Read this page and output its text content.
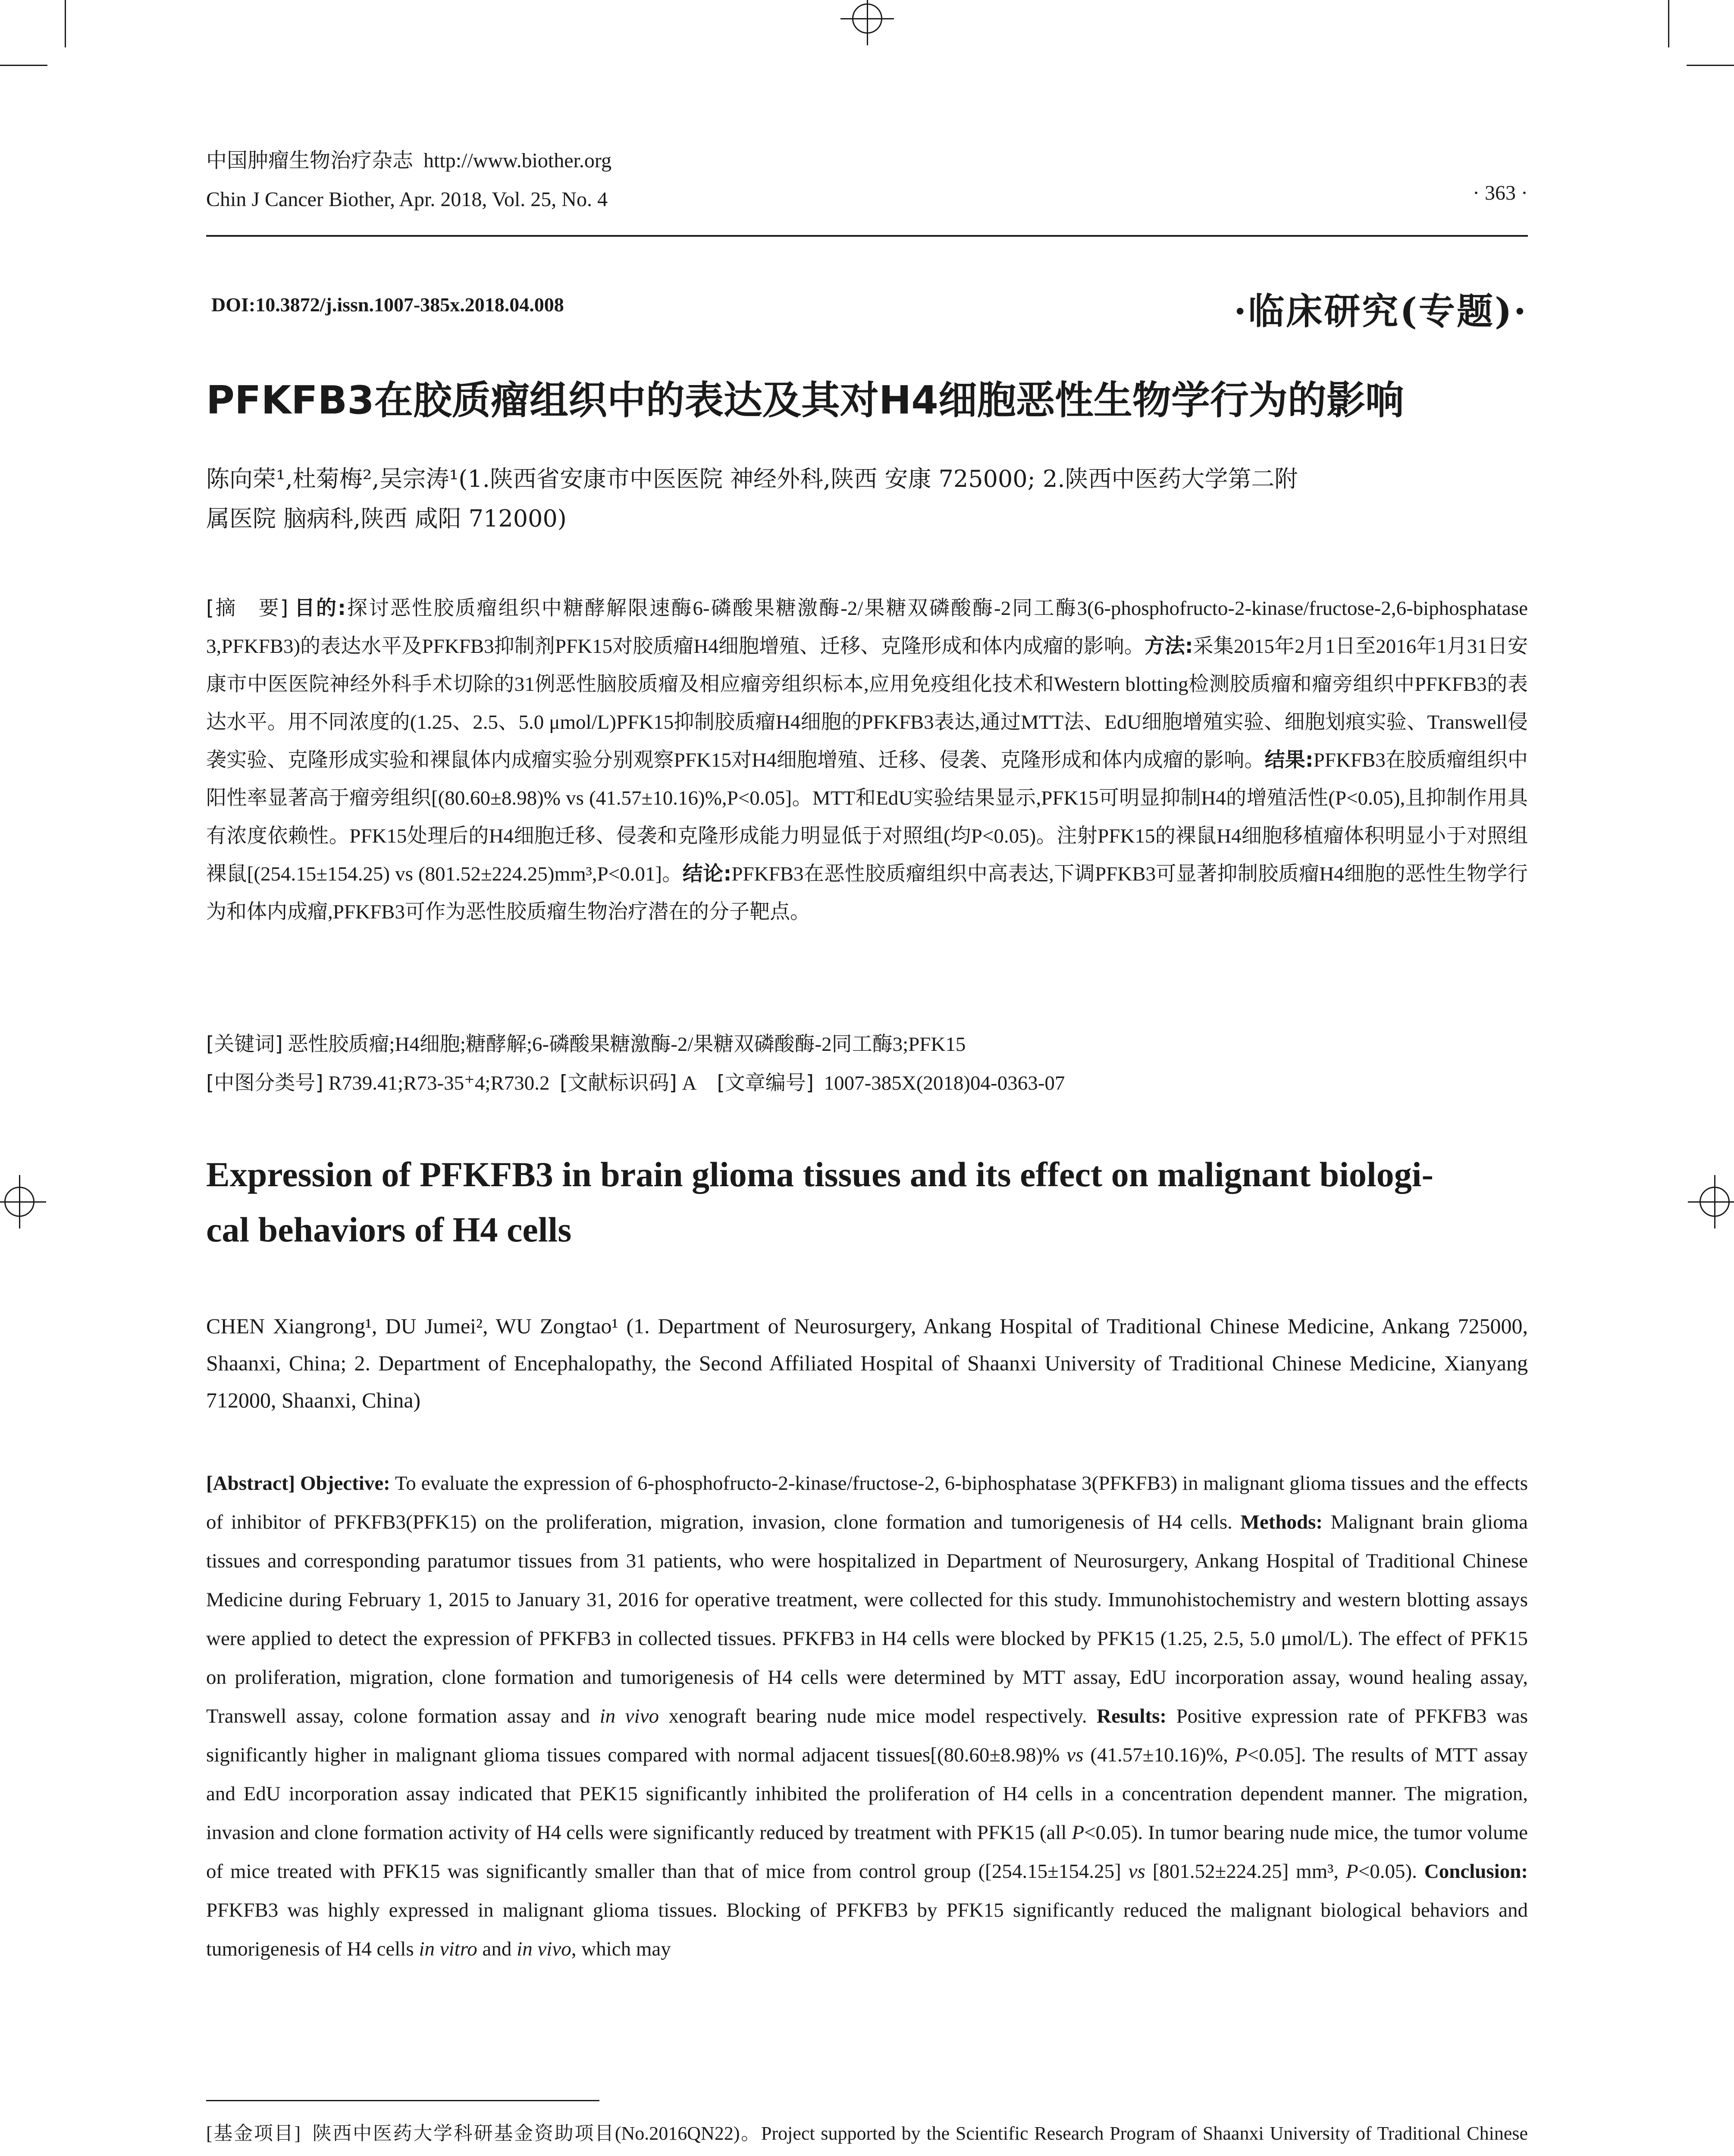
中国肿瘤生物治疗杂志 http://www.biother.org
Chin J Cancer Biother, Apr. 2018, Vol. 25, No. 4	· 363 ·
DOI:10.3872/j.issn.1007-385x.2018.04.008	·临床研究(专题)·
PFKFB3在胶质瘤组织中的表达及其对H4细胞恶性生物学行为的影响
陈向荣¹,杜菊梅²,吴宗涛¹(1.陕西省安康市中医医院 神经外科,陕西 安康 725000; 2.陕西中医药大学第二附
属医院 脑病科,陕西 咸阳 712000)
[摘　要] 目的:探讨恶性胶质瘤组织中糖酵解限速酶6-磷酸果糖激酶-2/果糖双磷酸酶-2同工酶3(6-phosphofructo-2-kinase/fructose-2,6-biphosphatase 3,PFKFB3)的表达水平及PFKFB3抑制剂PFK15对胶质瘤H4细胞增殖、迁移、克隆形成和体内成瘤的影响。方法:采集2015年2月1日至2016年1月31日安康市中医医院神经外科手术切除的31例恶性脑胶质瘤及相应瘤旁组织标本,应用免疫组化技术和Western blotting检测胶质瘤和瘤旁组织中PFKFB3的表达水平。用不同浓度的(1.25、2.5、5.0 μmol/L)PFK15抑制胶质瘤H4细胞的PFKFB3表达,通过MTT法、EdU细胞增殖实验、细胞划痕实验、Transwell侵袭实验、克隆形成实验和裸鼠体内成瘤实验分别观察PFK15对H4细胞增殖、迁移、侵袭、克隆形成和体内成瘤的影响。结果:PFKFB3在胶质瘤组织中阳性率显著高于瘤旁组织[(80.60±8.98)% vs (41.57±10.16)%,P<0.05]。MTT和EdU实验结果显示,PFK15可明显抑制H4的增殖活性(P<0.05),且抑制作用具有浓度依赖性。PFK15处理后的H4细胞迁移、侵袭和克隆形成能力明显低于对照组(均P<0.05)。注射PFK15的裸鼠H4细胞移植瘤体积明显小于对照组裸鼠[(254.15±154.25) vs (801.52±224.25)mm³,P<0.01]。结论:PFKFB3在恶性胶质瘤组织中高表达,下调PFKB3可显著抑制胶质瘤H4细胞的恶性生物学行为和体内成瘤,PFKFB3可作为恶性胶质瘤生物治疗潜在的分子靶点。
[关键词] 恶性胶质瘤;H4细胞;糖酵解;6-磷酸果糖激酶-2/果糖双磷酸酶-2同工酶3;PFK15
[中图分类号] R739.41;R73-35⁺4;R730.2 [文献标识码] A [文章编号] 1007-385X(2018)04-0363-07
Expression of PFKFB3 in brain glioma tissues and its effect on malignant biologi-
cal behaviors of H4 cells
CHEN Xiangrong¹, DU Jumei², WU Zongtao¹ (1. Department of Neurosurgery, Ankang Hospital of Traditional Chinese Medicine, Ankang 725000, Shaanxi, China; 2. Department of Encephalopathy, the Second Affiliated Hospital of Shaanxi University of Traditional Chinese Medicine, Xianyang 712000, Shaanxi, China)
[Abstract] Objective: To evaluate the expression of 6-phosphofructo-2-kinase/fructose-2, 6-biphosphatase 3(PFKFB3) in malignant glioma tissues and the effects of inhibitor of PFKFB3(PFK15) on the proliferation, migration, invasion, clone formation and tumorigenesis of H4 cells. Methods: Malignant brain glioma tissues and corresponding paratumor tissues from 31 patients, who were hospitalized in Department of Neurosurgery, Ankang Hospital of Traditional Chinese Medicine during February 1, 2015 to January 31, 2016 for operative treatment, were collected for this study. Immunohistochemistry and western blotting assays were applied to detect the expression of PFKFB3 in collected tissues. PFKFB3 in H4 cells were blocked by PFK15 (1.25, 2.5, 5.0 μmol/L). The effect of PFK15 on proliferation, migration, clone formation and tumorigenesis of H4 cells were determined by MTT assay, EdU incorporation assay, wound healing assay, Transwell assay, colone formation assay and in vivo xenograft bearing nude mice model respectively. Results: Positive expression rate of PFKFB3 was significantly higher in malignant glioma tissues compared with normal adjacent tissues[(80.60±8.98)% vs (41.57±10.16)%, P<0.05]. The results of MTT assay and EdU incorporation assay indicated that PEK15 significantly inhibited the proliferation of H4 cells in a concentration dependent manner. The migration, invasion and clone formation activity of H4 cells were significantly reduced by treatment with PFK15 (all P<0.05). In tumor bearing nude mice, the tumor volume of mice treated with PFK15 was significantly smaller than that of mice from control group ([254.15±154.25] vs [801.52±224.25] mm³, P<0.05). Conclusion: PFKFB3 was highly expressed in malignant glioma tissues. Blocking of PFKFB3 by PFK15 significantly reduced the malignant biological behaviors and tumorigenesis of H4 cells in vitro and in vivo, which may
[基金项目] 陕西中医药大学科研基金资助项目(No.2016QN22)。Project supported by the Scientific Research Program of Shaanxi University of Traditional Chinese
